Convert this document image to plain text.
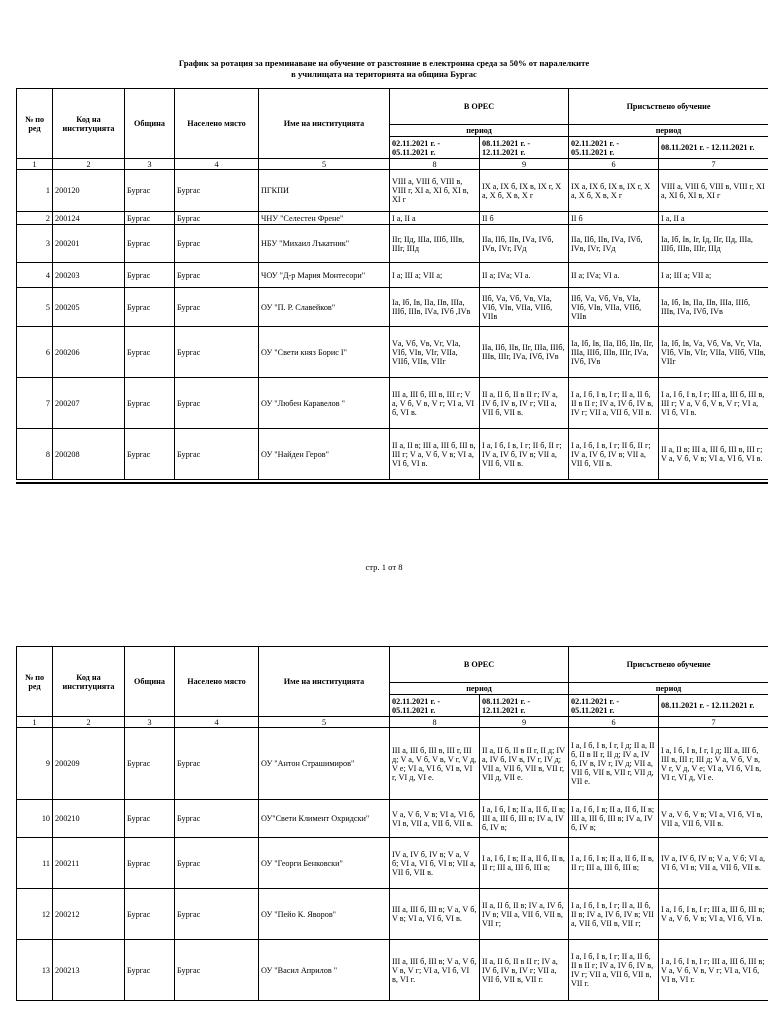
График за ротация за преминаване на обучение от разстояние в електронна среда за 50% от паралелките
в училищата на територията на община Бургас
№ по ред	Код на институцията	Община	Населено място	Име на институцията	В ОРЕС		Присъствено обучение	
					период		период	
					02.11.2021 г. - 05.11.2021 г.	08.11.2021 г. - 12.11.2021 г.	02.11.2021 г. - 05.11.2021 г.	08.11.2021 г. - 12.11.2021 г.
1	2	3	4	5	8	9	6	7
1	200120	Бургас	Бургас	ПГКПИ	VIII а, VIII б, VIII в, VIII г, XI а, XI б, XI в, XI г	IX а, IX б, IX в, IX г, X а, X б, X в, X г	IX а, IX б, IX в, IX г, X а, X б, X в, X г	VIII а, VIII б, VIII в, VIII г, XI а, XI б, XI в, XI г
2	200124	Бургас	Бургас	ЧНУ "Селестен Френе"	I а, II а	II б	II б	I а, II а
3	200201	Бургас	Бургас	НБУ "Михаил Лъкатник"	IIг, IIд, IIIа, IIIб, IIIв, IIIг, IIIд	IIа, IIб, IIв, IVа, IVб, IVв, IVг, IVд	IIа, IIб, IIв, IVа, IVб, IVв, IVг, IVд	Iа, Iб, Iв, Iг, Iд, IIг, IIд, IIIа, IIIб, IIIв, IIIг, IIIд
4	200203	Бургас	Бургас	ЧОУ "Д-р Мария Монтесори"	I а; III а; VII а;	II а; IVа; VI а.	II а; IVа; VI а.	I а; III а; VII а;
5	200205	Бургас	Бургас	ОУ "П. Р. Славейков"	Iа, Iб, Iв, IIа, IIв, IIIа, IIIб, IIIв, IVа, IVб ,IVв	IIб, Vа, Vб, Vв, VIа, VIб, VIв, VIIа, VIIб, VIIв	IIб, Vа, Vб, Vв, VIа, VIб, VIв, VIIа, VIIб, VIIв	Iа, Iб, Iв, IIа, IIв, IIIа, IIIб, IIIв, IVа, IVб, IVв
6	200206	Бургас	Бургас	ОУ "Свети княз Борис I"	Vа, Vб, Vв, Vг, VIа, VIб, VIв, VIг, VIIа, VIIб, VIIв, VIIг	IIа, IIб, IIв, IIг, IIIа, IIIб, IIIв, IIIг, IVа, IVб, IVв	Iа, Iб, Iв, IIа, IIб, IIв, IIг, IIIа, IIIб, IIIв, IIIг, IVа, IVб, IVв	Iа, Iб, Iв, Vа, Vб, Vв, Vг, VIа, VIб, VIв, VIг, VIIа, VIIб, VIIв, VIIг
7	200207	Бургас	Бургас	ОУ "Любен Каравелов "	III а, III б, III в, III г; V а, V б, V в, V г; VI а, VI б, VI в.	II а, II б, II в II г; IV а, IV б, IV в, IV г; VII а, VII б, VII в.	I а, I б, I в, I г; II а, II б, II в II г; IV а, IV б, IV в, IV г; VII а, VII б, VII в.	I а, I б, I в, I г; III а, III б, III в, III г; V а, V б, V в, V г; VI а, VI б, VI в.
8	200208	Бургас	Бургас	ОУ "Найден Геров"	II а, II в; III а, III б, III в, III г; V а, V б, V в; VI а, VI б, VI в.	I а, I б, I в, I г; II б, II г; IV а, IV б, IV в; VII а, VII б, VII в.	I а, I б, I в, I г; II б, II г; IV а, IV б, IV в; VII а, VII б, VII в.	II а, II в; III а, III б, III в, III г; V а, V б, V в; VI а, VI б, VI в.
стр. 1 от 8
№ по ред	Код на институцията	Община	Населено място	Име на институцията	В ОРЕС		Присъствено обучение	
					период		период	
					02.11.2021 г. - 05.11.2021 г.	08.11.2021 г. - 12.11.2021 г.	02.11.2021 г. - 05.11.2021 г.	08.11.2021 г. - 12.11.2021 г.
1	2	3	4	5	8	9	6	7
9	200209	Бургас	Бургас	ОУ "Антон Страшимиров"	III а, III б, III в, III г, III д; V а, V б, V в, V г, V д, V е; VI а, VI б, VI в, VI г, VI д, VI е.	II а, II б, II в II г, II д; IV а, IV б, IV в, IV г, IV д; VII а, VII б, VII в, VII г, VII д, VII е.	I а, I б, I в, I г, I д; II а, II б, II в II г, II д; IV а, IV б, IV в, IV г, IV д; VII а, VII б, VII в, VII г, VII д, VII е.	I а, I б, I в, I г, I д; III а, III б, III в, III г, III д; V а, V б, V в, V г, V д, V е; VI а, VI б, VI в, VI г, VI д, VI е.
10	200210	Бургас	Бургас	ОУ"Свети Климент Охридски"	V а, V б, V в; VI а, VI б, VI в, VII а, VII б, VII в.	I а, I б, I в; II а, II б, II в; III а, III б, III в; IV а, IV б, IV в;	I а, I б, I в; II а, II б, II в; III а, III б, III в; IV а, IV б, IV в;	V а, V б, V в; VI а, VI б, VI в, VII а, VII б, VII в.
11	200211	Бургас	Бургас	ОУ "Георги Бенковски"	IV а, IV б, IV в; V а, V б; VI а, VI б, VI в; VII а, VII б, VII в.	I а, I б, I в; II а, II б, II в, II г; III а, III б, III в;	I а, I б, I в; II а, II б, II в, II г; III а, III б, III в;	IV а, IV б, IV в; V а, V б; VI а, VI б, VI в; VII а, VII б, VII в.
12	200212	Бургас	Бургас	ОУ "Пейо К. Яворов"	III а, III б, III в; V а, V б, V в; VI а, VI б, VI в.	II а, II б, II в; IV а, IV б, IV в; VII а, VII б, VII в, VII г;	I а, I б, I в, I г; II а, II б, II в; IV а, IV б, IV в; VII а, VII б, VII в, VII г;	I а, I б, I в, I г; III а, III б, III в; V а, V б, V в; VI а, VI б, VI в.
13	200213	Бургас	Бургас	ОУ "Васил Априлов "	III а, III б, III в; V а, V б, V в, V г; VI а, VI б, VI в, VI г.	II а, II б, II в II г; IV а, IV б, IV в, IV г; VII а, VII б, VII в, VII г.	I а, I б, I в, I г; II а, II б, II в II г; IV а, IV б, IV в, IV г; VII а, VII б, VII в, VII г.	I а, I б, I в, I г; III а, III б, III в; V а, V б, V в, V г; VI а, VI б, VI в, VI г.
